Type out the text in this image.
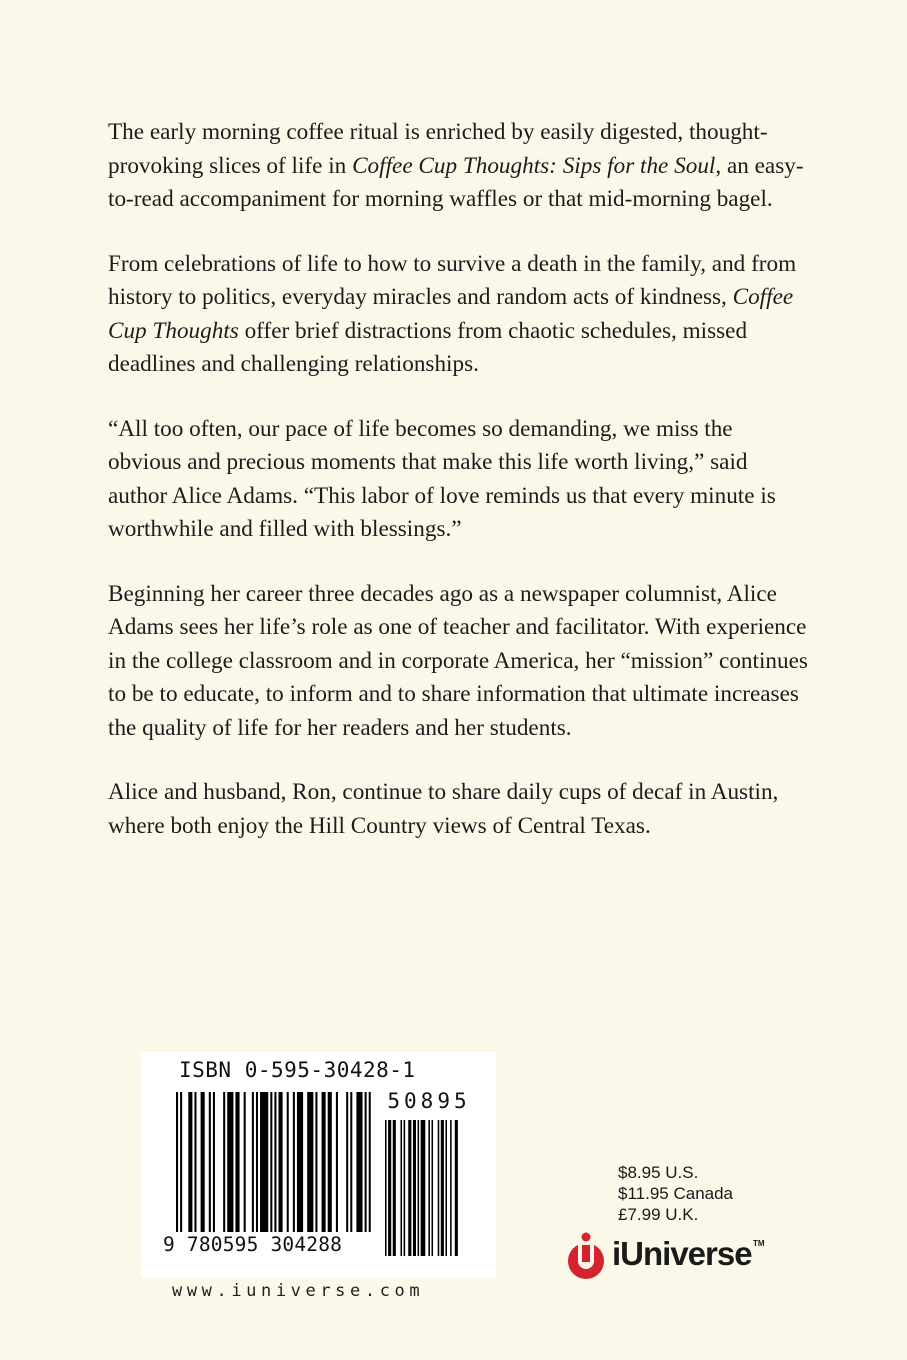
The early morning coffee ritual is enriched by easily digested, thought-provoking slices of life in Coffee Cup Thoughts: Sips for the Soul, an easy-to-read accompaniment for morning waffles or that mid-morning bagel.

From celebrations of life to how to survive a death in the family, and from history to politics, everyday miracles and random acts of kindness, Coffee Cup Thoughts offer brief distractions from chaotic schedules, missed deadlines and challenging relationships.

“All too often, our pace of life becomes so demanding, we miss the obvious and precious moments that make this life worth living,” said author Alice Adams. “This labor of love reminds us that every minute is worthwhile and filled with blessings.”

Beginning her career three decades ago as a newspaper columnist, Alice Adams sees her life’s role as one of teacher and facilitator. With experience in the college classroom and in corporate America, her “mission” continues to be to educate, to inform and to share information that ultimate increases the quality of life for her readers and her students.

Alice and husband, Ron, continue to share daily cups of decaf in Austin, where both enjoy the Hill Country views of Central Texas.

ISBN 0-595-30428-1
50895
9 780595 304288
www.iuniverse.com
$8.95 U.S.
$11.95 Canada
£7.99 U.K.
iUniverse TM
